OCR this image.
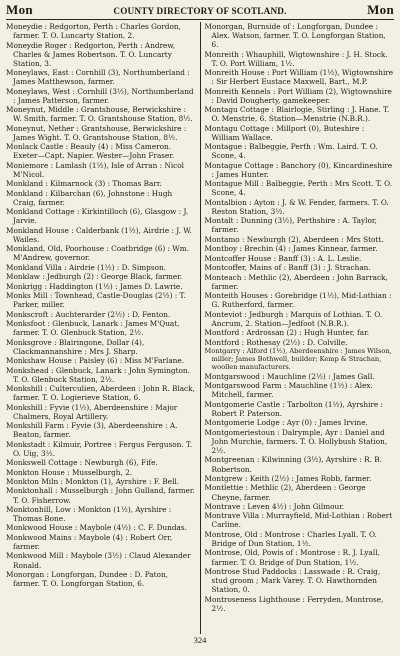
Mon	COUNTY DIRECTORY OF SCOTLAND.	Mon

Moneydie : Redgorton, Perth : Charles Gordon, farmer. T. O. Luncarty Station, 2.

Moneydie Roger : Redgorton, Perth : Andrew, Charles & James Robertson. T. O. Luncarty Station, 3.

Moneylaws, East : Cornhill (3), Northumberland : James Matthewson, farmer.

Moneylaws, West : Cornhill (3½), Northumberland : James Patterson, farmer.

Moneynut, Middle : Grantshouse, Berwickshire : W. Smith, farmer. T. O. Grantshouse Station, 8½.

Moneynut, Nether : Grantshouse, Berwickshire : James Wight. T. O. Grantshouse Station, 8½.

Monlack Castle : Beauly (4) : Miss Cameron. Exeter—Capt. Napier. Wester—John Fraser.

Moniemore : Lamlash (1½), Isle of Arran : Nicol M'Nicol.

Monkland : Kilmarnock (3) : Thomas Barr.

Monkland : Kilbarchan (6), Johnstone : Hugh Craig, farmer.

Monkland Cottage : Kirkintilloch (6), Glasgow : J. Jarvie.

Monkland House : Calderbank (1½), Airdrie : J. W. Wailes.

Monkland, Old, Poorhouse : Coatbridge (6) : Wm. M'Andrew, governor.

Monkland Villa : Airdrie (1½) : D. Simpson.

Monklaw : Jedburgh (2) : George Black, farmer.

Monkrigg : Haddington (1½) : James D. Lawrie.

Monks Mill : Townhead, Castle-Douglas (2½) : T. Parker, miller.

Monkscroft : Auchterarder (2½) : D. Fenton.

Monksfoot : Glenbuck, Lanark : James M'Quat, farmer. T. O. Glenbuck Station, 2½.

Monksgrove : Blairingone, Dollar (4), Clackmannanshire : Mrs J. Sharp.

Monkshaw House : Paisley (6) : Miss M'Farlane.

Monkshead : Glenbuck, Lanark : John Symington. T. O. Glenbuck Station, 2½.

Monkshill : Culterculien, Aberdeen : John R. Black, farmer. T. O. Logierieve Station, 6.

Monkshill : Fyvie (1½), Aberdeenshire : Major Chalmers, Royal Artillery.

Monkshill Farm : Fyvie (3), Aberdeenshire : A. Beaton, farmer.

Monkstadt : Kilmuir, Portree : Fergus Ferguson. T. O. Uig, 3½.

Monkswell Cottage : Newburgh (6), Fife.

Monkton House : Musselburgh, 2.

Monkton Miln : Monkton (1), Ayrshire : F. Bell.

Monktonhall : Musselburgh : John Gulland, farmer. T. O. Fisherrow.

Monktonhill, Low : Monkton (1½), Ayrshire : Thomas Bone.

Monkwood House : Maybole (4½) : C. F. Dundas.

Monkwood Mains : Maybole (4) : Robert Orr, farmer.

Monkwood Mill : Maybole (3½) : Claud Alexander Ronald.

Monorgan : Longforgan, Dundee : D. Paton, farmer. T. O. Longforgan Station, 6.

Monorgan, Burnside of : Longforgan, Dundee : Alex. Watson, farmer. T. O. Longforgan Station, 6.

Monreith : Whauphill, Wigtownshire : J. H. Stock. T. O. Port William, 1½.

Monreith House : Port William (1½), Wigtownshire : Sir Herbert Eustace Maxwell, Bart., M.P.

Monreith Kennels : Port William (2), Wigtownshire : David Dougherty, gamekeeper.

Montagu Cottage : Blairlogie, Stirling : J. Hane. T. O. Menstrie, 6. Station—Menstrie (N.B.R.).

Montagu Cottage : Millport (0), Buteshire : William Wallace.

Montague : Balbeggie, Perth : Wm. Laird. T. O. Scone, 4.

Montague Cottage : Banchory (0), Kincardineshire : James Hunter.

Montague Mill : Balbeggie, Perth : Mrs Scott. T. O. Scone, 4.

Montalbion : Ayton : J. & W. Fender, farmers. T. O. Reston Station, 3½.

Montalt : Dunning (3½), Perthshire : A. Taylor, farmer.

Montamo : Newburgh (2), Aberdeen : Mrs Stott.

Montboy : Brechin (4) : James Kinnear, farmer.

Montcoffer House : Banff (3) : A. L. Leslie.

Montcoffer, Mains of : Banff (3) : J. Strachan.

Monteach : Methlic (2), Aberdeen : John Barrack, farmer.

Monteith Houses : Gorebridge (1½), Mid-Lothian : G. Rutherford, farmer.

Monteviot : Jedburgh : Marquis of Lothian. T. O. Ancrum, 2. Station—Jedfoot (N.B.R.).

Montford : Ardrossan (2) : Hugh Hunter, far.

Montford : Rothesay (2½) : D. Colville.

Montgarry : Alford (1½), Aberdeenshire : James Wilson, miller; James Bothwell, builder; Kemp & Strachan, woollen manufacturers.

Montgarswood : Mauchline (2½) : James Gall.

Montgarswood Farm : Mauchline (1½) : Alex. Mitchell, farmer.

Montgomerie Castle : Tarbolton (1½), Ayrshire : Robert P. Paterson.

Montgomerie Lodge : Ayr (0) : James Irvine.

Montgomeriestoun : Dalrymple, Ayr : Daniel and John Murchie, farmers. T. O. Hollybush Station, 2½.

Montgreenan : Kilwinning (3½), Ayrshire : R. B. Robertson.

Montgrew : Keith (2½) : James Robb, farmer.

Montlettie : Methlic (2), Aberdeen : George Cheyne, farmer.

Montrave : Leven 4½) : John Gilmour.

Montrave Villa : Murrayfield, Mid-Lothian : Robert Carline.

Montrose, Old : Montrose : Charles Lyall. T. O. Bridge of Dun Station, 1½.

Montrose, Old, Powis of : Montrose : R. J. Lyall, farmer. T. O. Bridge of Dun Station, 1½.

Montrose Stud Paddocks : Lasswade : R. Craig, stud groom ; Mark Varey. T. O. Hawthornden Station, 0.

Montroseness Lighthouse : Ferryden, Montrose, 2½.

324
